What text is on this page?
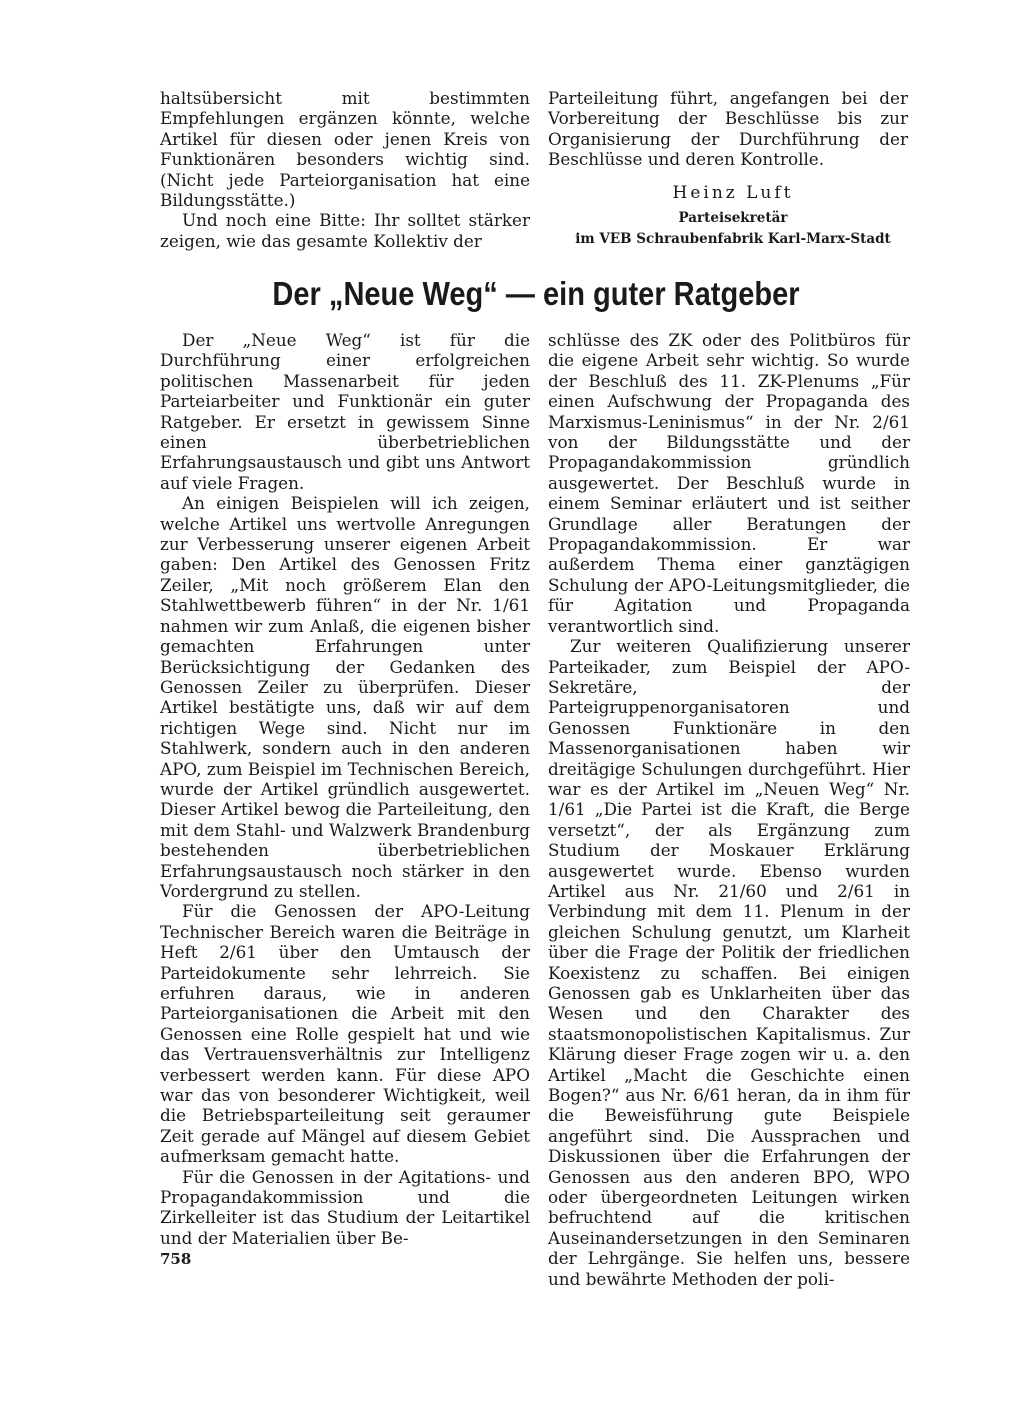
haltsübersicht mit bestimmten Empfehlungen ergänzen könnte, welche Artikel für diesen oder jenen Kreis von Funktionären besonders wichtig sind. (Nicht jede Parteiorganisation hat eine Bildungsstätte.)

Und noch eine Bitte: Ihr solltet stärker zeigen, wie das gesamte Kollektiv der

Parteileitung führt, angefangen bei der Vorbereitung der Beschlüsse bis zur Organisierung der Durchführung der Beschlüsse und deren Kontrolle.

Heinz Luft
Parteisekretär
im VEB Schraubenfabrik Karl-Marx-Stadt
Der „Neue Weg“ — ein guter Ratgeber

Der „Neue Weg“ ist für die Durchführung einer erfolgreichen politischen Massenarbeit für jeden Parteiarbeiter und Funktionär ein guter Ratgeber. Er ersetzt in gewissem Sinne einen überbetrieblichen Erfahrungsaustausch und gibt uns Antwort auf viele Fragen.

An einigen Beispielen will ich zeigen, welche Artikel uns wertvolle Anregungen zur Verbesserung unserer eigenen Arbeit gaben: Den Artikel des Genossen Fritz Zeiler, „Mit noch größerem Elan den Stahlwettbewerb führen“ in der Nr. 1/61 nahmen wir zum Anlaß, die eigenen bisher gemachten Erfahrungen unter Berücksichtigung der Gedanken des Genossen Zeiler zu überprüfen. Dieser Artikel bestätigte uns, daß wir auf dem richtigen Wege sind. Nicht nur im Stahlwerk, sondern auch in den anderen APO, zum Beispiel im Technischen Bereich, wurde der Artikel gründlich ausgewertet. Dieser Artikel bewog die Parteileitung, den mit dem Stahl- und Walzwerk Brandenburg bestehenden überbetrieblichen Erfahrungsaustausch noch stärker in den Vordergrund zu stellen.

Für die Genossen der APO-Leitung Technischer Bereich waren die Beiträge in Heft 2/61 über den Umtausch der Parteidokumente sehr lehrreich. Sie erfuhren daraus, wie in anderen Parteiorganisationen die Arbeit mit den Genossen eine Rolle gespielt hat und wie das Vertrauensverhältnis zur Intelligenz verbessert werden kann. Für diese APO war das von besonderer Wichtigkeit, weil die Betriebsparteileitung seit geraumer Zeit gerade auf Mängel auf diesem Gebiet aufmerksam gemacht hatte.

Für die Genossen in der Agitations- und Propagandakommission und die Zirkelleiter ist das Studium der Leitartikel und der Materialien über Be-

schlüsse des ZK oder des Politbüros für die eigene Arbeit sehr wichtig. So wurde der Beschluß des 11. ZK-Plenums „Für einen Aufschwung der Propaganda des Marxismus-Leninismus“ in der Nr. 2/61 von der Bildungsstätte und der Propagandakommission gründlich ausgewertet. Der Beschluß wurde in einem Seminar erläutert und ist seither Grundlage aller Beratungen der Propagandakommission. Er war außerdem Thema einer ganztägigen Schulung der APO-Leitungsmitglieder, die für Agitation und Propaganda verantwortlich sind.

Zur weiteren Qualifizierung unserer Parteikader, zum Beispiel der APO-Sekretäre, der Parteigruppenorganisatoren und Genossen Funktionäre in den Massenorganisationen haben wir dreitägige Schulungen durchgeführt. Hier war es der Artikel im „Neuen Weg“ Nr. 1/61 „Die Partei ist die Kraft, die Berge versetzt“, der als Ergänzung zum Studium der Moskauer Erklärung ausgewertet wurde. Ebenso wurden Artikel aus Nr. 21/60 und 2/61 in Verbindung mit dem 11. Plenum in der gleichen Schulung genutzt, um Klarheit über die Frage der Politik der friedlichen Koexistenz zu schaffen. Bei einigen Genossen gab es Unklarheiten über das Wesen und den Charakter des staatsmonopolistischen Kapitalismus. Zur Klärung dieser Frage zogen wir u. a. den Artikel „Macht die Geschichte einen Bogen?“ aus Nr. 6/61 heran, da in ihm für die Beweisführung gute Beispiele angeführt sind. Die Aussprachen und Diskussionen über die Erfahrungen der Genossen aus den anderen BPO, WPO oder übergeordneten Leitungen wirken befruchtend auf die kritischen Auseinandersetzungen in den Seminaren der Lehrgänge. Sie helfen uns, bessere und bewährte Methoden der poli-

758
